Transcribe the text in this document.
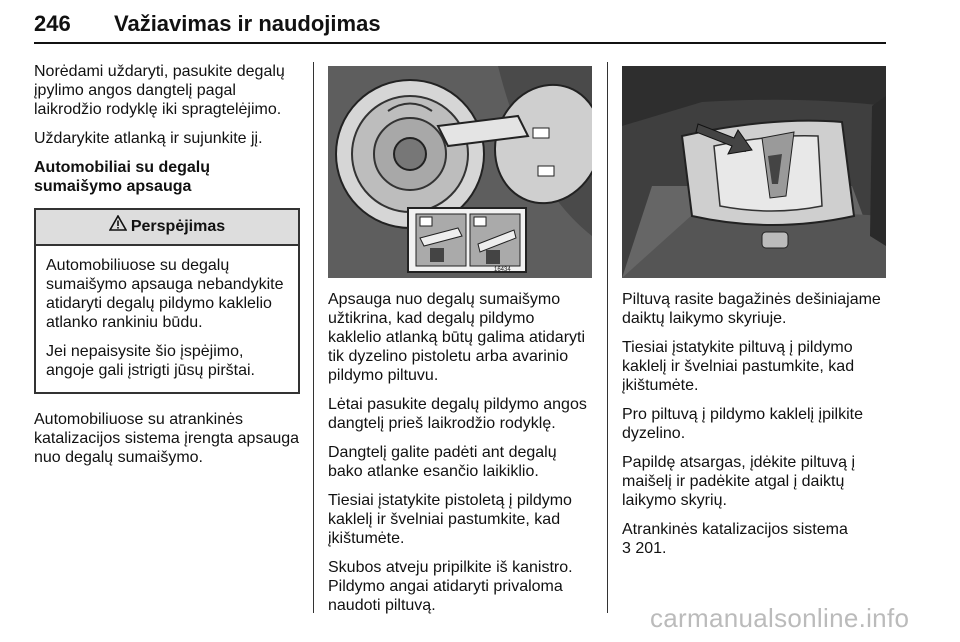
246 Važiavimas ir naudojimas

Norėdami uždaryti, pasukite degalų įpylimo angos dangtelį pagal laikrodžio rodyklę iki spragtelėjimo.

Uždarykite atlanką ir sujunkite jį.

Automobiliai su degalų sumaišymo apsauga

Perspėjimas

Automobiliuose su degalų sumaišymo apsauga nebandykite atidaryti degalų pildymo kaklelio atlanko rankiniu būdu.

Jei nepaisysite šio įspėjimo, angoje gali įstrigti jūsų pirštai.

Automobiliuose su atrankinės katalizacijos sistema įrengta apsauga nuo degalų sumaišymo.

16434

Apsauga nuo degalų sumaišymo užtikrina, kad degalų pildymo kaklelio atlanką būtų galima atidaryti tik dyzelino pistoletu arba avarinio pildymo piltuvu.

Lėtai pasukite degalų pildymo angos dangtelį prieš laikrodžio rodyklę.

Dangtelį galite padėti ant degalų bako atlanke esančio laikiklio.

Tiesiai įstatykite pistoletą į pildymo kaklelį ir švelniai pastumkite, kad įkištumėte.

Skubos atveju pripilkite iš kanistro. Pildymo angai atidaryti privaloma naudoti piltuvą.

Piltuvą rasite bagažinės dešiniajame daiktų laikymo skyriuje.

Tiesiai įstatykite piltuvą į pildymo kaklelį ir švelniai pastumkite, kad įkištumėte.

Pro piltuvą į pildymo kaklelį įpilkite dyzelino.

Papildę atsargas, įdėkite piltuvą į maišelį ir padėkite atgal į daiktų laikymo skyrių.

Atrankinės katalizacijos sistema
3 201.

carmanualsonline.info
